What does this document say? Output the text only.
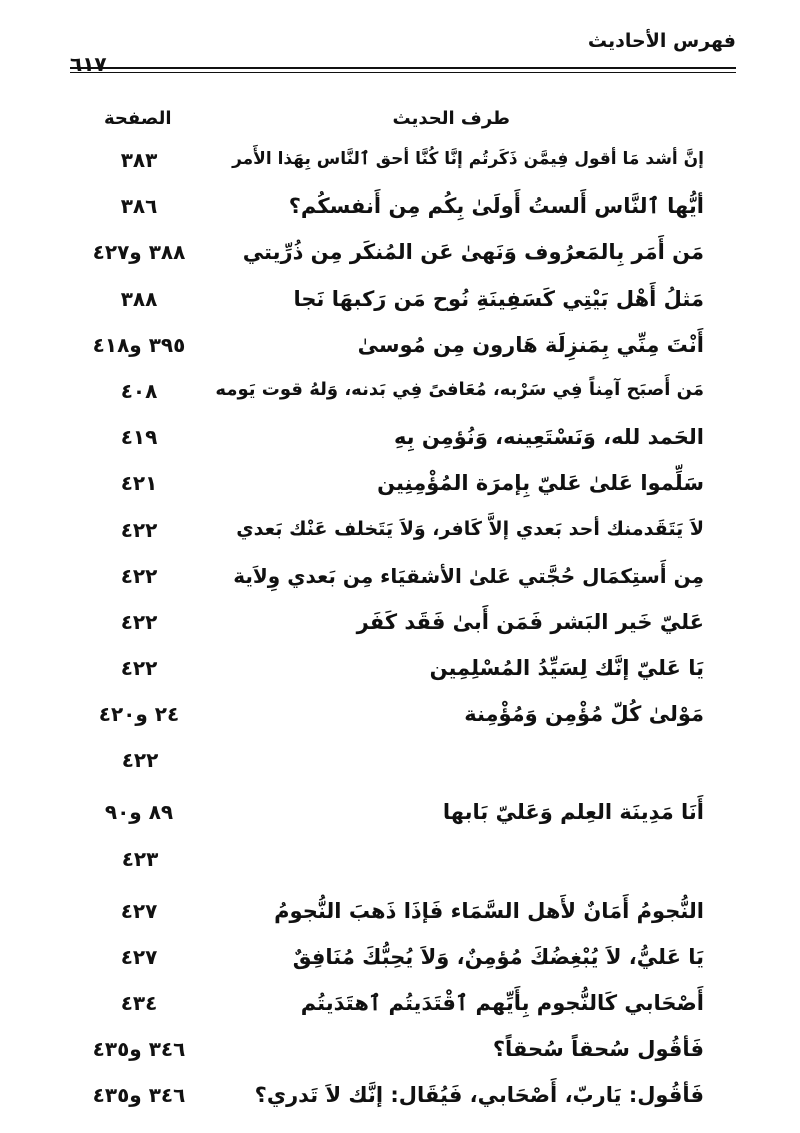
فهرس الأحاديث
٦١٧
طرف الحديث
الصفحة
إنَّ أشد مَا أقول فِيمَّن ذَكَرتُم إنَّا كُنَّا أحق ٱلنَّاس بِهَذا الأَمر
٣٨٣
أيُّها ٱلنَّاس أَلستُ أَولَىٰ بِكُم مِن أَنفسكُم؟
٣٨٦
مَن أَمَر بِالمَعرُوف وَنَهىٰ عَن المُنكَر مِن ذُرِّيتي
٣٨٨ و٤٢٧
مَثلُ أَهْل بَيْتِي كَسَفِينَةِ نُوح مَن رَكبهَا نَجا
٣٨٨
أَنْتَ مِنِّي بِمَنزِلَة هَارون مِن مُوسىٰ
٣٩٥ و٤١٨
مَن أَصبَح آمِناً فِي سَرْبه، مُعَافىً فِي بَدنه، وَلهُ قوت يَومه
٤٠٨
الحَمد لله، وَنَسْتَعِينه، وَنُؤمِن بِهِ
٤١٩
سَلِّموا عَلىٰ عَليّ بِإمرَة المُؤْمِنِين
٤٢١
لاَ يَتَقَدمنك أحد بَعدي إلاَّ كَافر، وَلاَ يَتَخلف عَنْك بَعدي
٤٢٢
مِن أَستِكمَال حُجَّتي عَلىٰ الأشقيَاء مِن بَعدي وِلاَية
٤٢٢
عَليّ خَير البَشر فَمَن أَبىٰ فَقَد كَفَر
٤٢٢
يَا عَليّ إنَّك لِسَيِّدُ المُسْلِمِين
٤٢٢
مَوْلىٰ كُلّ مُؤْمِن وَمُؤْمِنة
٢٤ و٤٢٠
٤٢٢
أَنَا مَدِينَة العِلم وَعَليّ بَابها
٨٩ و٩٠
٤٢٣
النُّجومُ أَمَانٌ لأَهل السَّمَاء فَإذَا ذَهبَ النُّجومُ
٤٢٧
يَا عَليُّ، لاَ يُبْغِضُكَ مُؤمِنٌ، وَلاَ يُحِبُّكَ مُنَافِقٌ
٤٢٧
أَصْحَابي كَالنُّجوم بِأَيِّهم ٱقْتَدَيتُم ٱهتَدَيتُم
٤٣٤
فَأقُول سُحقاً سُحقاً؟
٣٤٦ و٤٣٥
فَأقُول: يَاربّ، أَصْحَابي، فَيُقَال: إنَّك لاَ تَدري؟
٣٤٦ و٤٣٥
